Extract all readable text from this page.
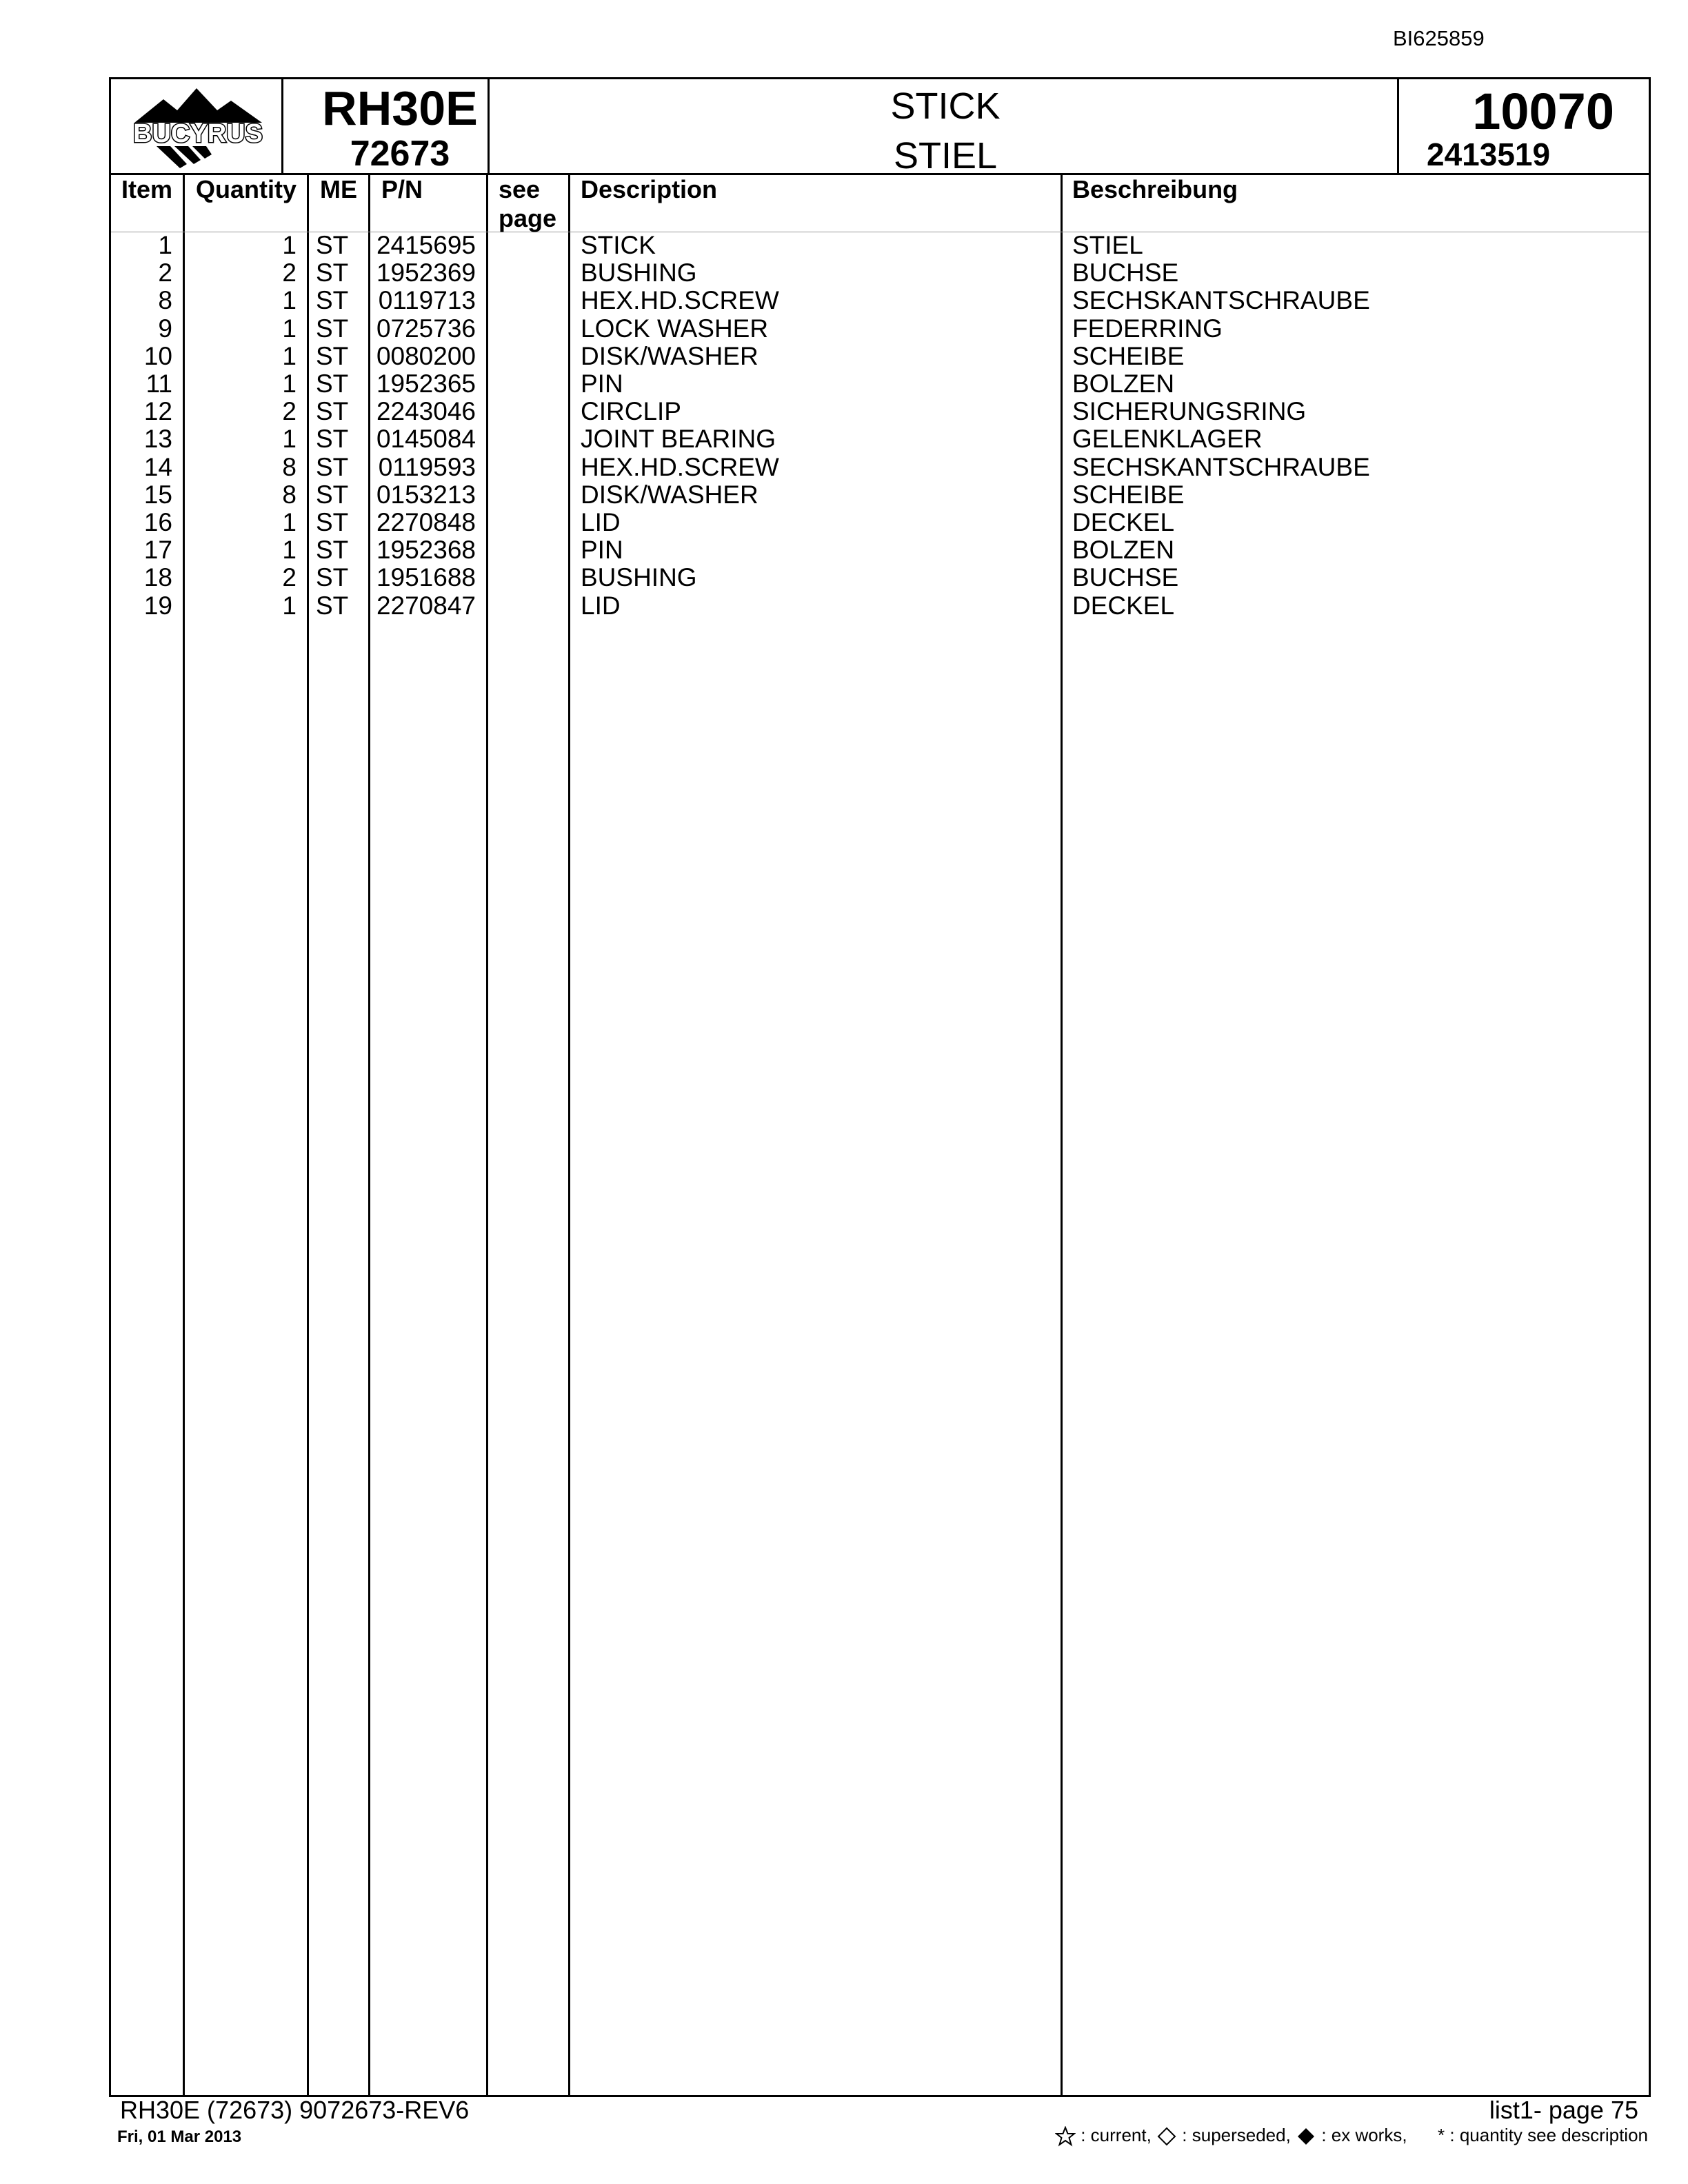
BI625859
BUCYRUS	RH30E
72673
STICK
STIEL
10070
2413519
Item Quantity ME P/N	see
page
Description	Beschreibung
1	1 ST	2415695	STICK	STIEL
2	2 ST	1952369	BUSHING	BUCHSE
8	1 ST	0119713	HEX.HD.SCREW	SECHSKANTSCHRAUBE
9	1 ST	0725736	LOCK WASHER	FEDERRING
10	1 ST	0080200	DISK/WASHER	SCHEIBE
11	1 ST	1952365	PIN	BOLZEN
12	2 ST	2243046	CIRCLIP	SICHERUNGSRING
13	1 ST	0145084	JOINT BEARING	GELENKLAGER
14	8 ST	0119593	HEX.HD.SCREW	SECHSKANTSCHRAUBE
15	8 ST	0153213	DISK/WASHER	SCHEIBE
16	1 ST	2270848	LID	DECKEL
17	1 ST	1952368	PIN	BOLZEN
18	2 ST	1951688	BUSHING	BUCHSE
19	1 ST	2270847	LID	DECKEL
RH30E (72673) 9072673-REV6
Fri, 01 Mar 2013
list1- page 75
: current, : superseded, : ex works, * : quantity see description
